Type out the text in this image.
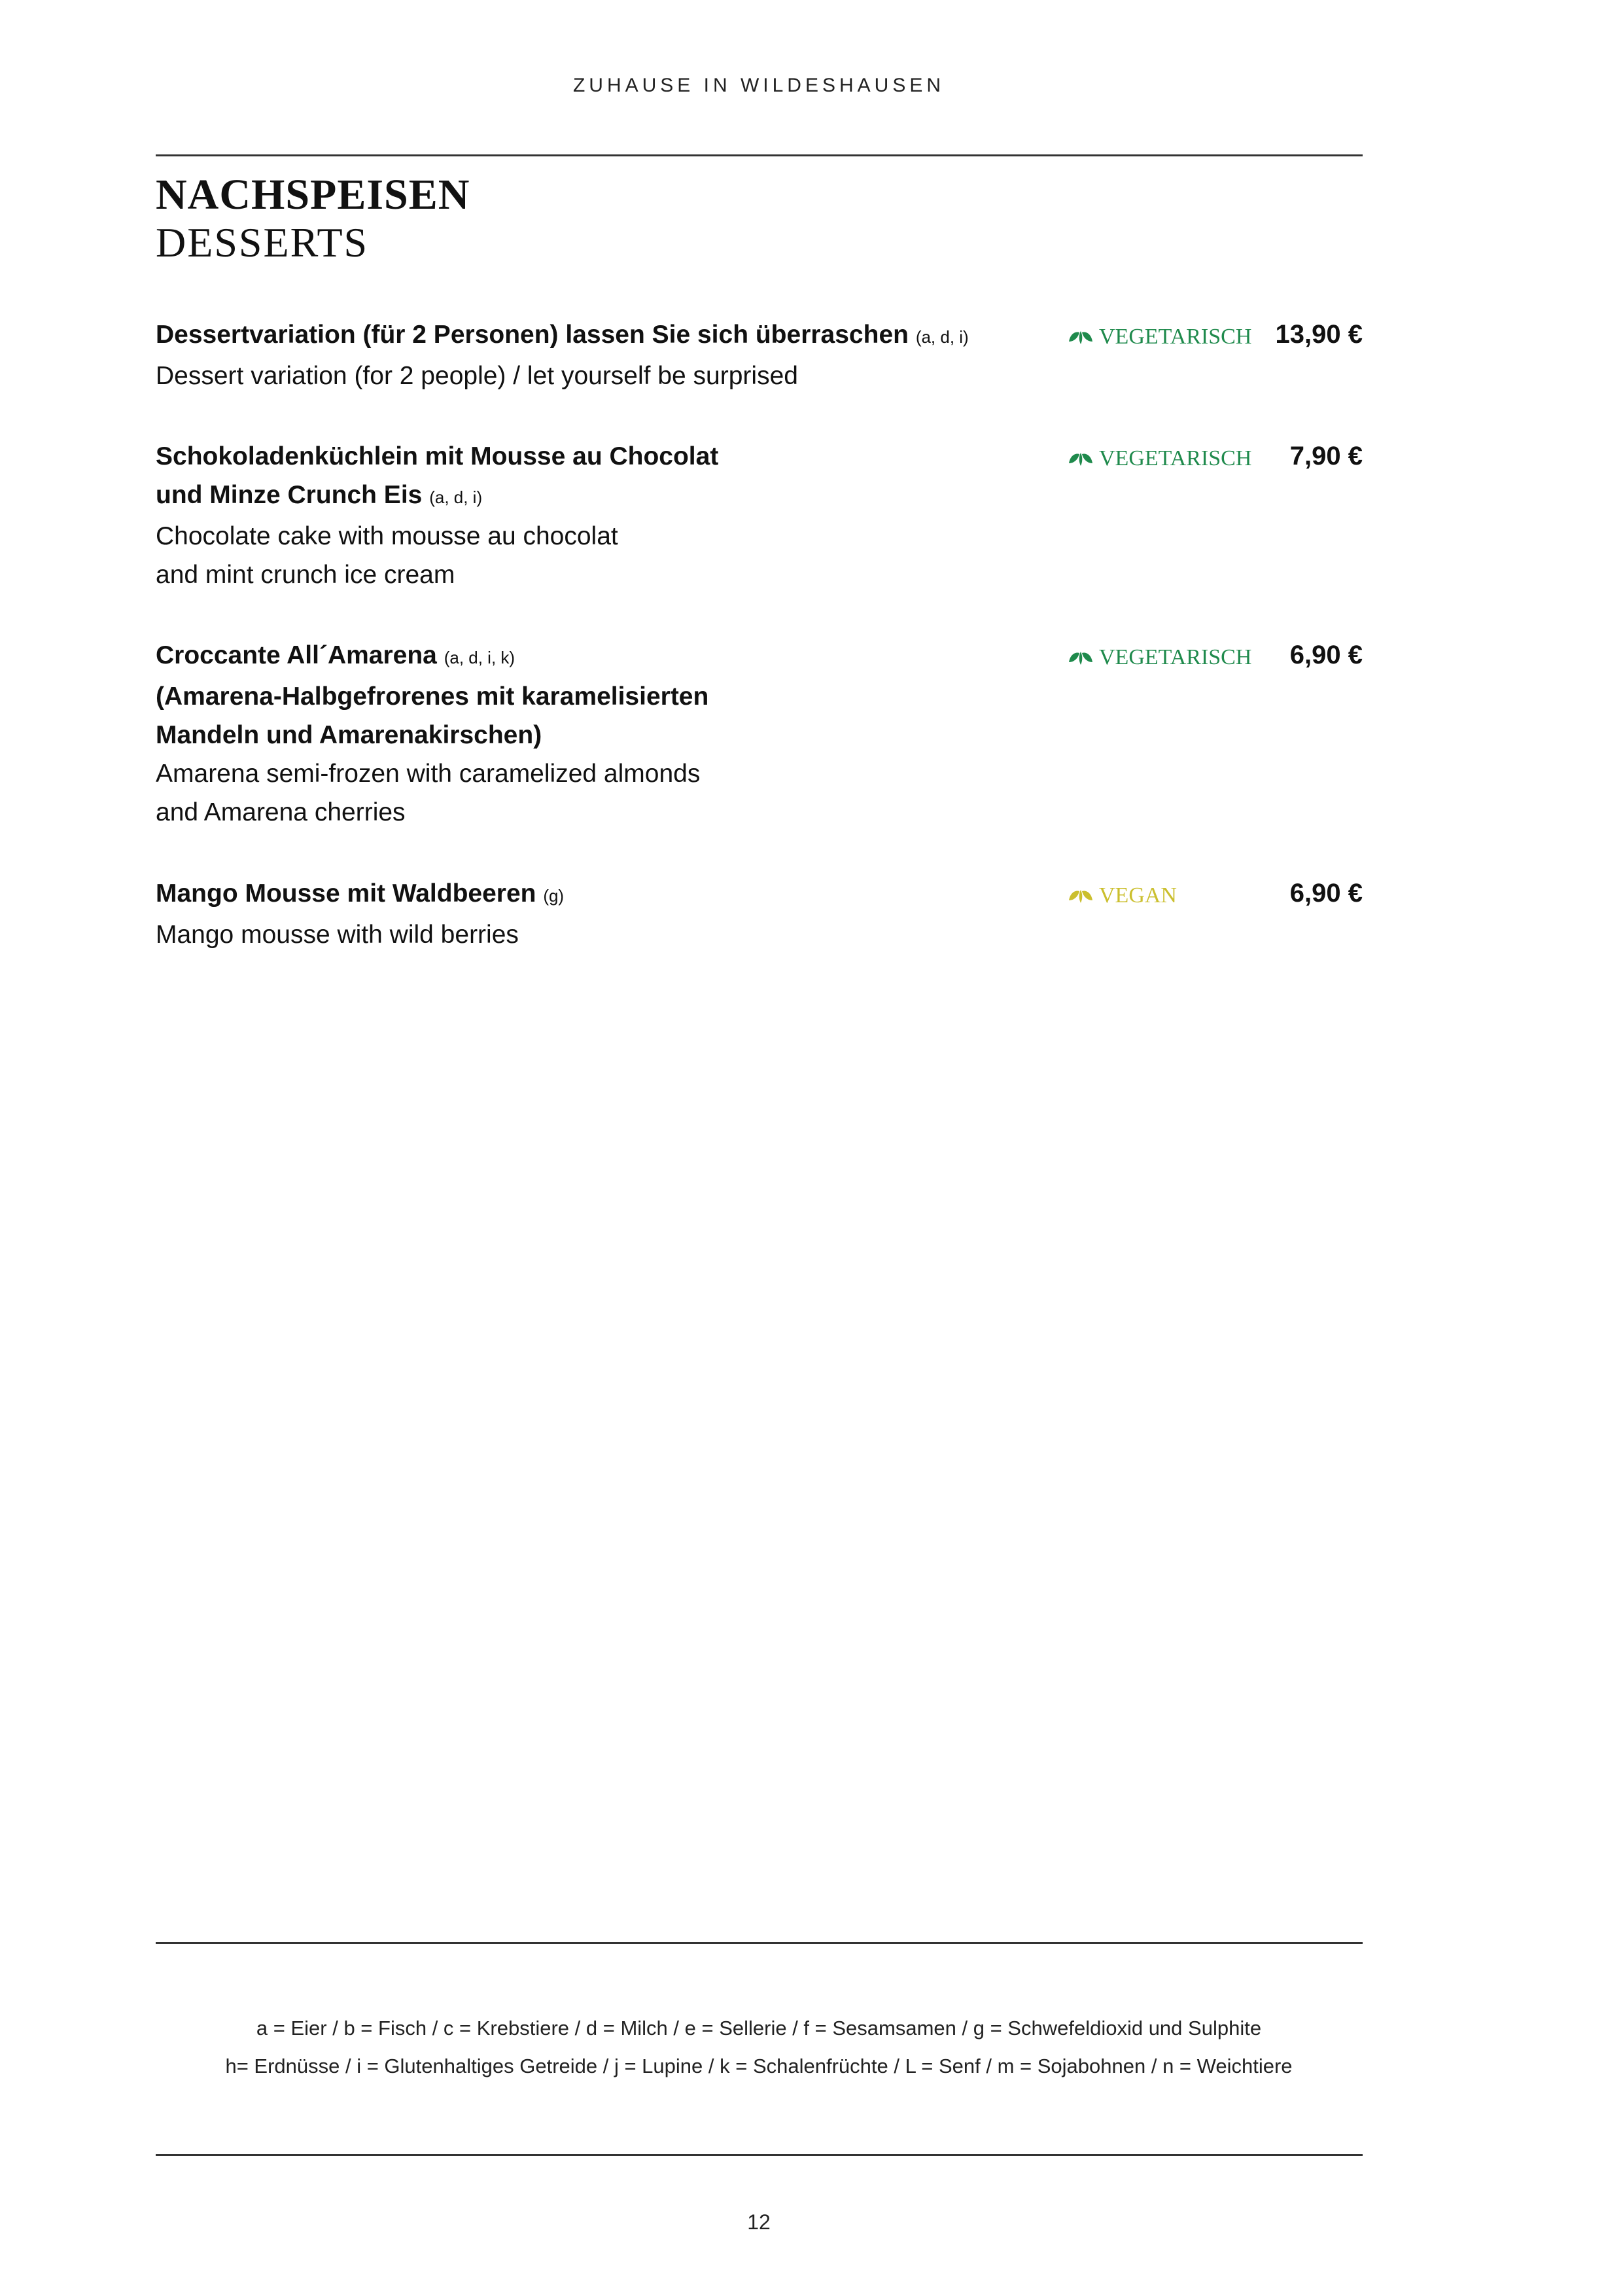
ZUHAUSE IN WILDESHAUSEN
NACHSPEISEN
DESSERTS
Dessertvariation (für 2 Personen) lassen Sie sich überraschen (a, d, i)
Dessert variation (for 2 people) / let yourself be surprised
VEGETARISCH 13,90 €
Schokoladenküchlein mit Mousse au Chocolat
und Minze Crunch Eis (a, d, i)
Chocolate cake with mousse au chocolat
and mint crunch ice cream
VEGETARISCH 7,90 €
Croccante All´Amarena (a, d, i, k)
(Amarena-Halbgefrorenes mit karamelisierten
Mandeln und Amarenakirschen)
Amarena semi-frozen with caramelized almonds
and Amarena cherries
VEGETARISCH 6,90 €
Mango Mousse mit Waldbeeren (g)
Mango mousse with wild berries
VEGAN	6,90 €
a = Eier / b = Fisch / c = Krebstiere / d = Milch / e = Sellerie / f = Sesamsamen / g = Schwefeldioxid und Sulphite
h= Erdnüsse / i = Glutenhaltiges Getreide / j = Lupine / k = Schalenfrüchte / L = Senf / m = Sojabohnen / n = Weichtiere
12
